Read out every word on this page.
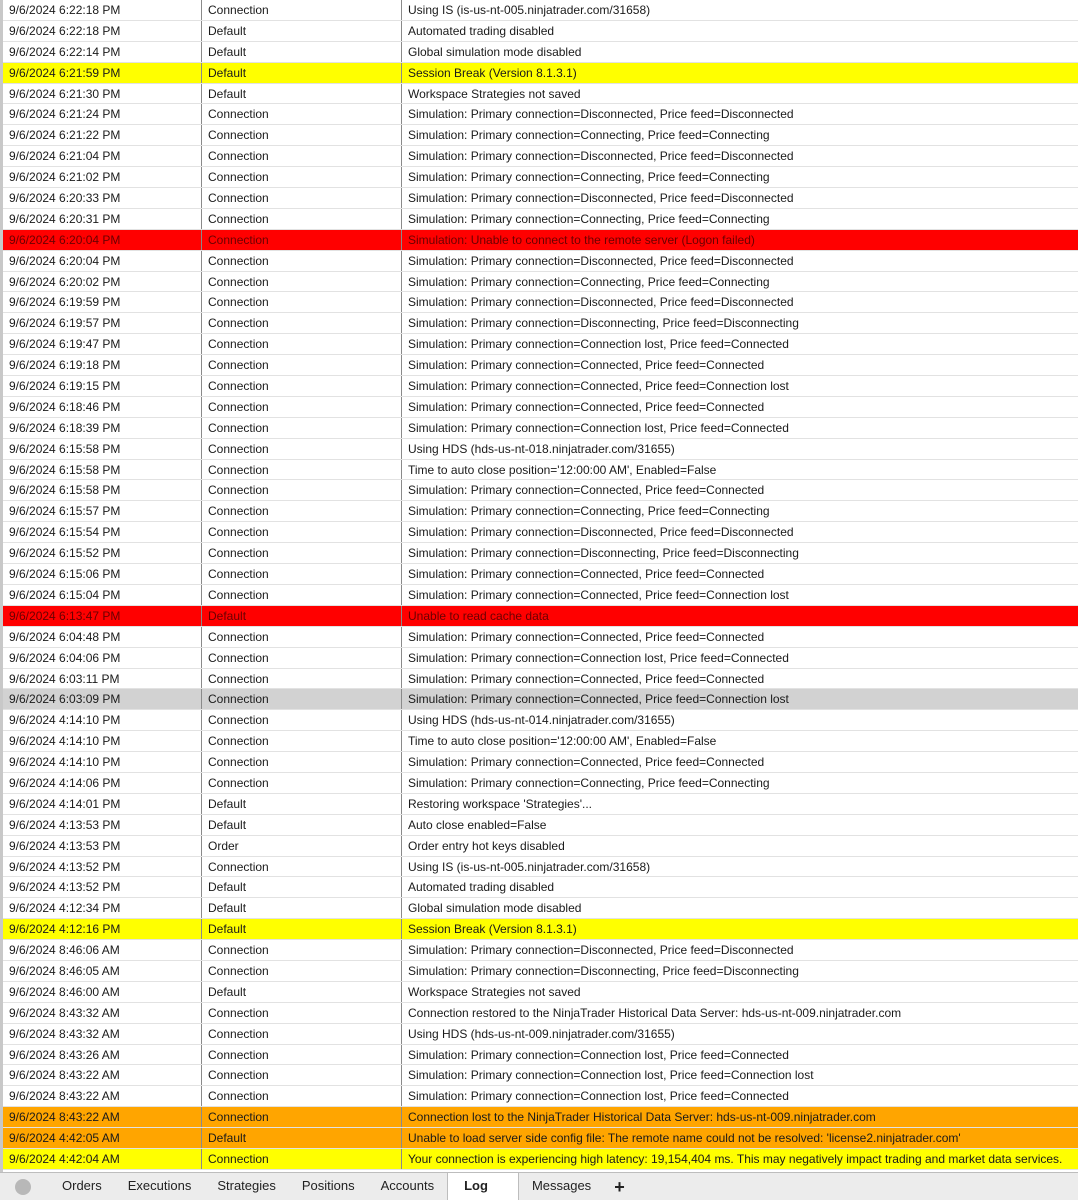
9/6/2024 6:22:18 PM	Connection	Using IS (is-us-nt-005.ninjatrader.com/31658)
9/6/2024 6:22:18 PM	Default	Automated trading disabled
9/6/2024 6:22:14 PM	Default	Global simulation mode disabled
9/6/2024 6:21:59 PM	Default	Session Break (Version 8.1.3.1)
9/6/2024 6:21:30 PM	Default	Workspace Strategies not saved
9/6/2024 6:21:24 PM	Connection	Simulation: Primary connection=Disconnected, Price feed=Disconnected
9/6/2024 6:21:22 PM	Connection	Simulation: Primary connection=Connecting, Price feed=Connecting
9/6/2024 6:21:04 PM	Connection	Simulation: Primary connection=Disconnected, Price feed=Disconnected
9/6/2024 6:21:02 PM	Connection	Simulation: Primary connection=Connecting, Price feed=Connecting
9/6/2024 6:20:33 PM	Connection	Simulation: Primary connection=Disconnected, Price feed=Disconnected
9/6/2024 6:20:31 PM	Connection	Simulation: Primary connection=Connecting, Price feed=Connecting
9/6/2024 6:20:04 PM	Connection	Simulation: Unable to connect to the remote server (Logon failed)
9/6/2024 6:20:04 PM	Connection	Simulation: Primary connection=Disconnected, Price feed=Disconnected
9/6/2024 6:20:02 PM	Connection	Simulation: Primary connection=Connecting, Price feed=Connecting
9/6/2024 6:19:59 PM	Connection	Simulation: Primary connection=Disconnected, Price feed=Disconnected
9/6/2024 6:19:57 PM	Connection	Simulation: Primary connection=Disconnecting, Price feed=Disconnecting
9/6/2024 6:19:47 PM	Connection	Simulation: Primary connection=Connection lost, Price feed=Connected
9/6/2024 6:19:18 PM	Connection	Simulation: Primary connection=Connected, Price feed=Connected
9/6/2024 6:19:15 PM	Connection	Simulation: Primary connection=Connected, Price feed=Connection lost
9/6/2024 6:18:46 PM	Connection	Simulation: Primary connection=Connected, Price feed=Connected
9/6/2024 6:18:39 PM	Connection	Simulation: Primary connection=Connection lost, Price feed=Connected
9/6/2024 6:15:58 PM	Connection	Using HDS (hds-us-nt-018.ninjatrader.com/31655)
9/6/2024 6:15:58 PM	Connection	Time to auto close position='12:00:00 AM', Enabled=False
9/6/2024 6:15:58 PM	Connection	Simulation: Primary connection=Connected, Price feed=Connected
9/6/2024 6:15:57 PM	Connection	Simulation: Primary connection=Connecting, Price feed=Connecting
9/6/2024 6:15:54 PM	Connection	Simulation: Primary connection=Disconnected, Price feed=Disconnected
9/6/2024 6:15:52 PM	Connection	Simulation: Primary connection=Disconnecting, Price feed=Disconnecting
9/6/2024 6:15:06 PM	Connection	Simulation: Primary connection=Connected, Price feed=Connected
9/6/2024 6:15:04 PM	Connection	Simulation: Primary connection=Connected, Price feed=Connection lost
9/6/2024 6:13:47 PM	Default	Unable to read cache data
9/6/2024 6:04:48 PM	Connection	Simulation: Primary connection=Connected, Price feed=Connected
9/6/2024 6:04:06 PM	Connection	Simulation: Primary connection=Connection lost, Price feed=Connected
9/6/2024 6:03:11 PM	Connection	Simulation: Primary connection=Connected, Price feed=Connected
9/6/2024 6:03:09 PM	Connection	Simulation: Primary connection=Connected, Price feed=Connection lost
9/6/2024 4:14:10 PM	Connection	Using HDS (hds-us-nt-014.ninjatrader.com/31655)
9/6/2024 4:14:10 PM	Connection	Time to auto close position='12:00:00 AM', Enabled=False
9/6/2024 4:14:10 PM	Connection	Simulation: Primary connection=Connected, Price feed=Connected
9/6/2024 4:14:06 PM	Connection	Simulation: Primary connection=Connecting, Price feed=Connecting
9/6/2024 4:14:01 PM	Default	Restoring workspace 'Strategies'...
9/6/2024 4:13:53 PM	Default	Auto close enabled=False
9/6/2024 4:13:53 PM	Order	Order entry hot keys disabled
9/6/2024 4:13:52 PM	Connection	Using IS (is-us-nt-005.ninjatrader.com/31658)
9/6/2024 4:13:52 PM	Default	Automated trading disabled
9/6/2024 4:12:34 PM	Default	Global simulation mode disabled
9/6/2024 4:12:16 PM	Default	Session Break (Version 8.1.3.1)
9/6/2024 8:46:06 AM	Connection	Simulation: Primary connection=Disconnected, Price feed=Disconnected
9/6/2024 8:46:05 AM	Connection	Simulation: Primary connection=Disconnecting, Price feed=Disconnecting
9/6/2024 8:46:00 AM	Default	Workspace Strategies not saved
9/6/2024 8:43:32 AM	Connection	Connection restored to the NinjaTrader Historical Data Server: hds-us-nt-009.ninjatrader.com
9/6/2024 8:43:32 AM	Connection	Using HDS (hds-us-nt-009.ninjatrader.com/31655)
9/6/2024 8:43:26 AM	Connection	Simulation: Primary connection=Connection lost, Price feed=Connected
9/6/2024 8:43:22 AM	Connection	Simulation: Primary connection=Connection lost, Price feed=Connection lost
9/6/2024 8:43:22 AM	Connection	Simulation: Primary connection=Connection lost, Price feed=Connected
9/6/2024 8:43:22 AM	Connection	Connection lost to the NinjaTrader Historical Data Server: hds-us-nt-009.ninjatrader.com
9/6/2024 4:42:05 AM	Default	Unable to load server side config file: The remote name could not be resolved: 'license2.ninjatrader.com'
9/6/2024 4:42:04 AM	Connection	Your connection is experiencing high latency: 19,154,404 ms. This may negatively impact trading and market data services.
Orders	Executions	Strategies	Positions	Accounts	Log	Messages	+
